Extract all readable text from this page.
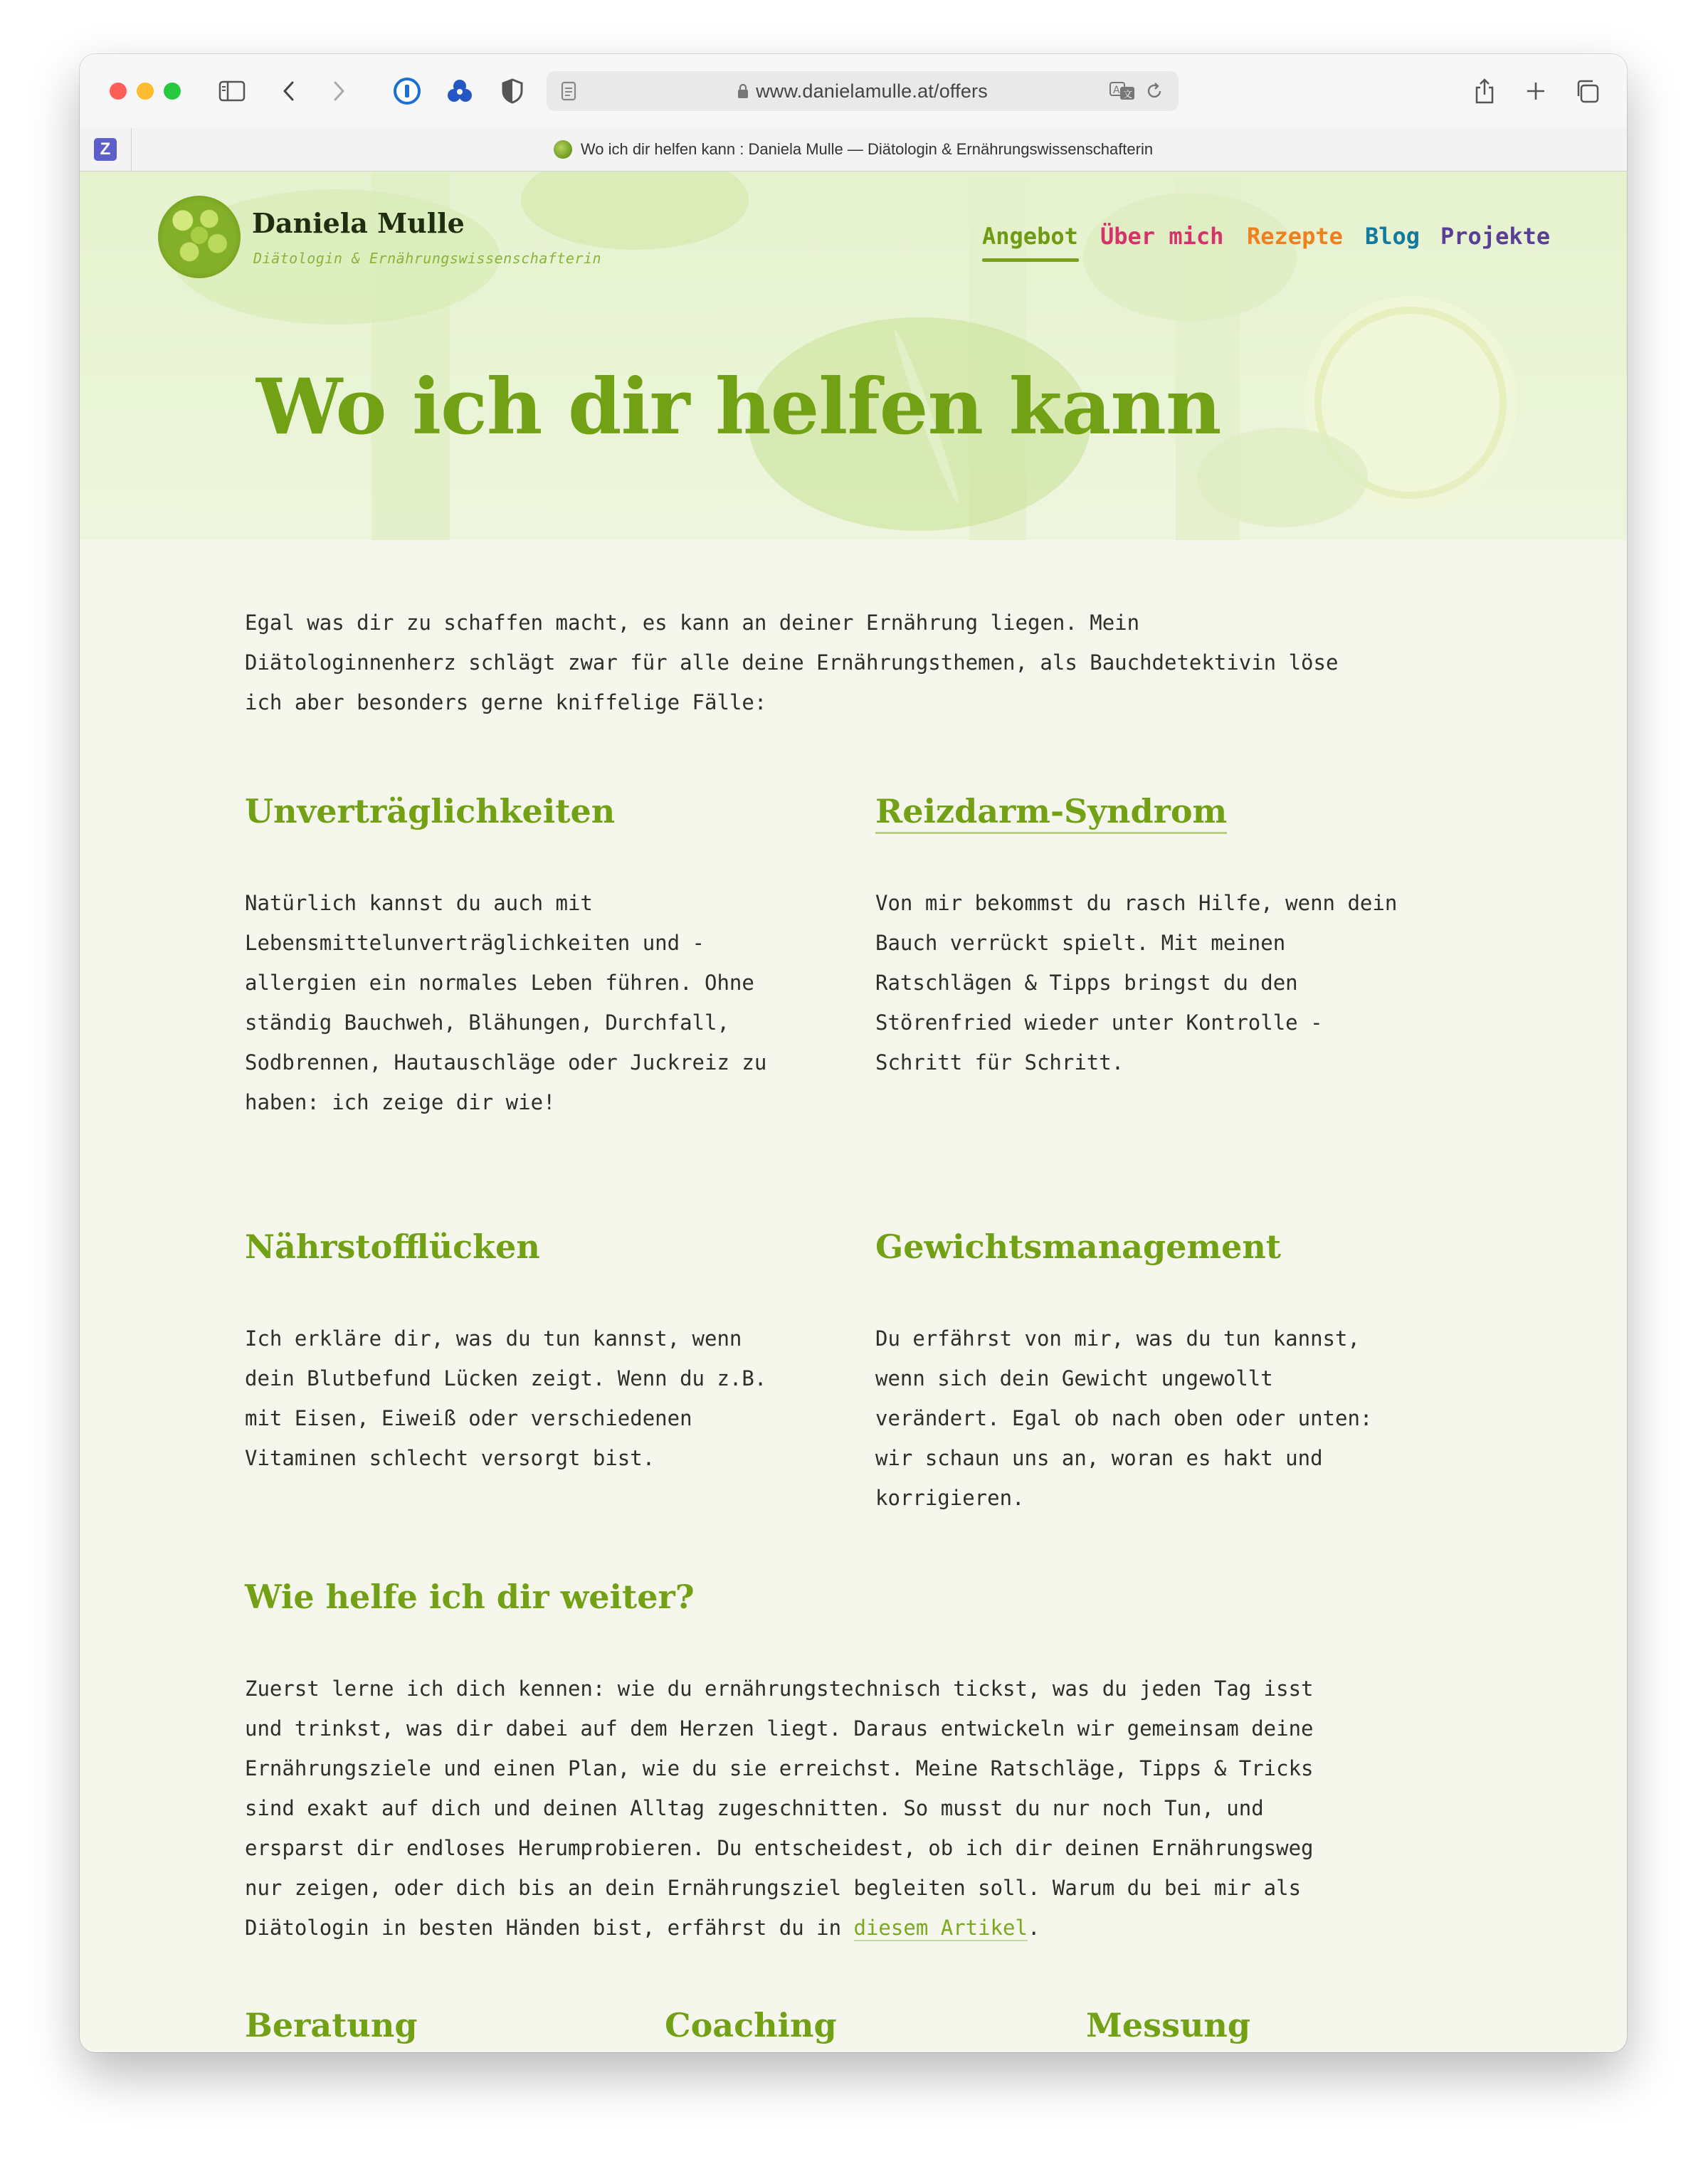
www.danielamulle.at/offers	A 文
Z	Wo ich dir helfen kann : Daniela Mulle — Diätologin & Ernährungswissenschafterin
Daniela Mulle
Diätologin & Ernährungswissenschafterin
Angebot Über mich Rezepte Blog Projekte
Wo ich dir helfen kann
Egal was dir zu schaffen macht, es kann an deiner Ernährung liegen. Mein
Diätologinnenherz schlägt zwar für alle deine Ernährungsthemen, als Bauchdetektivin löse
ich aber besonders gerne kniffelige Fälle:
Unverträglichkeiten	Reizdarm-Syndrom
Natürlich kannst du auch mit
Lebensmittelunverträglichkeiten und -
allergien ein normales Leben führen. Ohne
ständig Bauchweh, Blähungen, Durchfall,
Sodbrennen, Hautauschläge oder Juckreiz zu
haben: ich zeige dir wie!
Von mir bekommst du rasch Hilfe, wenn dein
Bauch verrückt spielt. Mit meinen
Ratschlägen & Tipps bringst du den
Störenfried wieder unter Kontrolle -
Schritt für Schritt.
Nährstofflücken	Gewichtsmanagement
Ich erkläre dir, was du tun kannst, wenn
dein Blutbefund Lücken zeigt. Wenn du z.B.
mit Eisen, Eiweiß oder verschiedenen
Vitaminen schlecht versorgt bist.
Du erfährst von mir, was du tun kannst,
wenn sich dein Gewicht ungewollt
verändert. Egal ob nach oben oder unten:
wir schaun uns an, woran es hakt und
korrigieren.
Wie helfe ich dir weiter?
Zuerst lerne ich dich kennen: wie du ernährungstechnisch tickst, was du jeden Tag isst
und trinkst, was dir dabei auf dem Herzen liegt. Daraus entwickeln wir gemeinsam deine
Ernährungsziele und einen Plan, wie du sie erreichst. Meine Ratschläge, Tipps & Tricks
sind exakt auf dich und deinen Alltag zugeschnitten. So musst du nur noch Tun, und
ersparst dir endloses Herumprobieren. Du entscheidest, ob ich dir deinen Ernährungsweg
nur zeigen, oder dich bis an dein Ernährungsziel begleiten soll. Warum du bei mir als
Diätologin in besten Händen bist, erfährst du in diesem Artikel.
Beratung	Coaching	Messung
